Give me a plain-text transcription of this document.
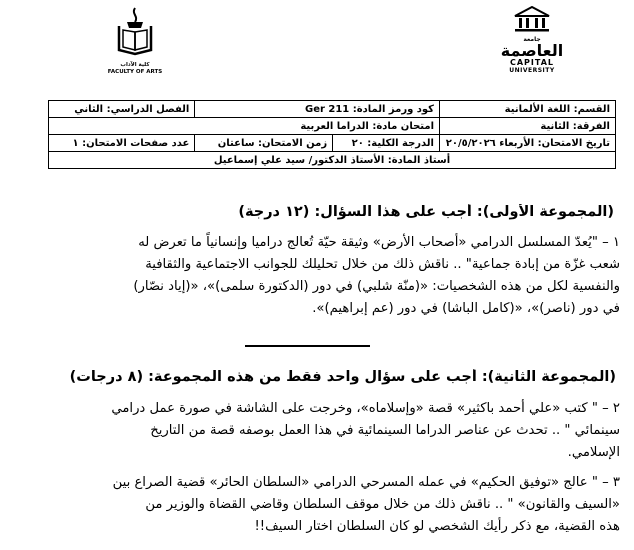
كلية الآداب
FACULTY OF ARTS
جامعة
العاصمة
CAPITAL
UNIVERSITY
القسم: اللغة الألمانية	كود ورمز المادة: Ger 211		الفصل الدراسي: الثاني
الفرقة: الثانية	امتحان مادة: الدراما العربية		
تاريخ الامتحان: الأربعاء ٢٠/٥/٢٠٢٦	الدرجة الكلية: ٢٠	زمن الامتحان: ساعتان	عدد صفحات الامتحان: ١
أستاذ المادة: الأستاذ الدكتور/ سيد علي إسماعيل			
(المجموعة الأولى): أجب على هذا السؤال: (١٢ درجة)
١ – "يُعدّ المسلسل الدرامي «أصحاب الأرض» وثيقة حيّة تُعالج دراميا وإنسانياً ما تعرض له
شعب غزّة من إبادة جماعية" .. ناقش ذلك من خلال تحليلك للجوانب الاجتماعية والثقافية
والنفسية لكل من هذه الشخصيات: «(منّة شلبي) في دور (الدكتورة سلمى)»، «(إياد نصّار)
في دور (ناصر)»، «(كامل الباشا) في دور (عم إبراهيم)».
(المجموعة الثانية): أجب على سؤال واحد فقط من هذه المجموعة: (٨ درجات)
٢ – " كتب «علي أحمد باكثير» قصة «وإسلاماه»، وخرجت على الشاشة في صورة عمل درامي
سينمائي " .. تحدث عن عناصر الدراما السينمائية في هذا العمل بوصفه قصة من التاريخ
الإسلامي.
٣ – " عالج «توفيق الحكيم» في عمله المسرحي الدرامي «السلطان الحائر» قضية الصراع بين
«السيف والقانون» " .. ناقش ذلك من خلال موقف السلطان وقاضي القضاة والوزير من
هذه القضية، مع ذكر رأيك الشخصي لو كان السلطان اختار السيف!!
